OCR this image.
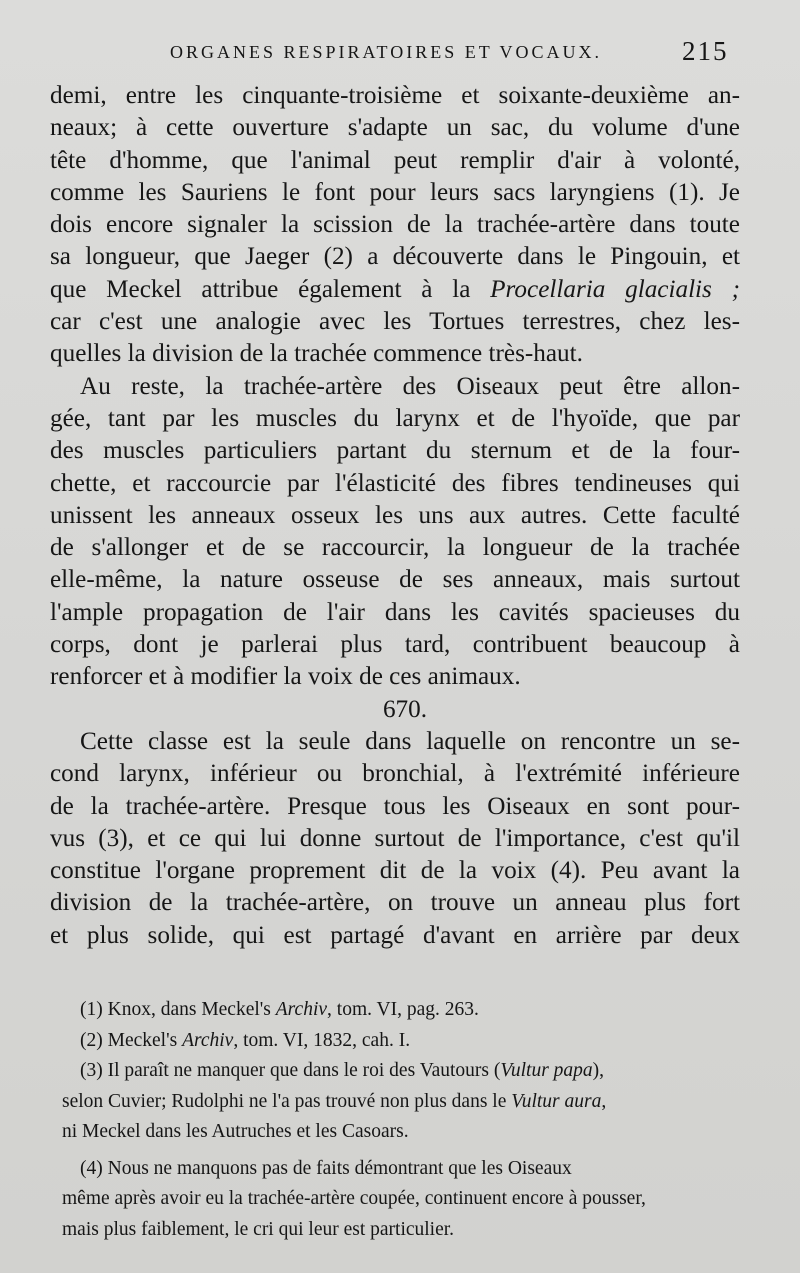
ORGANES RESPIRATOIRES ET VOCAUX.	215
demi, entre les cinquante-troisième et soixante-deuxième an-
neaux; à cette ouverture s'adapte un sac, du volume d'une
tête d'homme, que l'animal peut remplir d'air à volonté,
comme les Sauriens le font pour leurs sacs laryngiens (1). Je
dois encore signaler la scission de la trachée-artère dans toute
sa longueur, que Jaeger (2) a découverte dans le Pingouin, et
que Meckel attribue également à la Procellaria glacialis ;
car c'est une analogie avec les Tortues terrestres, chez les-
quelles la division de la trachée commence très-haut.
Au reste, la trachée-artère des Oiseaux peut être allon-
gée, tant par les muscles du larynx et de l'hyoïde, que par
des muscles particuliers partant du sternum et de la four-
chette, et raccourcie par l'élasticité des fibres tendineuses qui
unissent les anneaux osseux les uns aux autres. Cette faculté
de s'allonger et de se raccourcir, la longueur de la trachée
elle-même, la nature osseuse de ses anneaux, mais surtout
l'ample propagation de l'air dans les cavités spacieuses du
corps, dont je parlerai plus tard, contribuent beaucoup à
renforcer et à modifier la voix de ces animaux.
670.
Cette classe est la seule dans laquelle on rencontre un se-
cond larynx, inférieur ou bronchial, à l'extrémité inférieure
de la trachée-artère. Presque tous les Oiseaux en sont pour-
vus (3), et ce qui lui donne surtout de l'importance, c'est qu'il
constitue l'organe proprement dit de la voix (4). Peu avant la
division de la trachée-artère, on trouve un anneau plus fort
et plus solide, qui est partagé d'avant en arrière par deux
(1) Knox, dans Meckel's Archiv, tom. VI, pag. 263.
(2) Meckel's Archiv, tom. VI, 1832, cah. I.
(3) Il paraît ne manquer que dans le roi des Vautours (Vultur papa),
selon Cuvier; Rudolphi ne l'a pas trouvé non plus dans le Vultur aura,
ni Meckel dans les Autruches et les Casoars.
(4) Nous ne manquons pas de faits démontrant que les Oiseaux
même après avoir eu la trachée-artère coupée, continuent encore à pousser,
mais plus faiblement, le cri qui leur est particulier.
